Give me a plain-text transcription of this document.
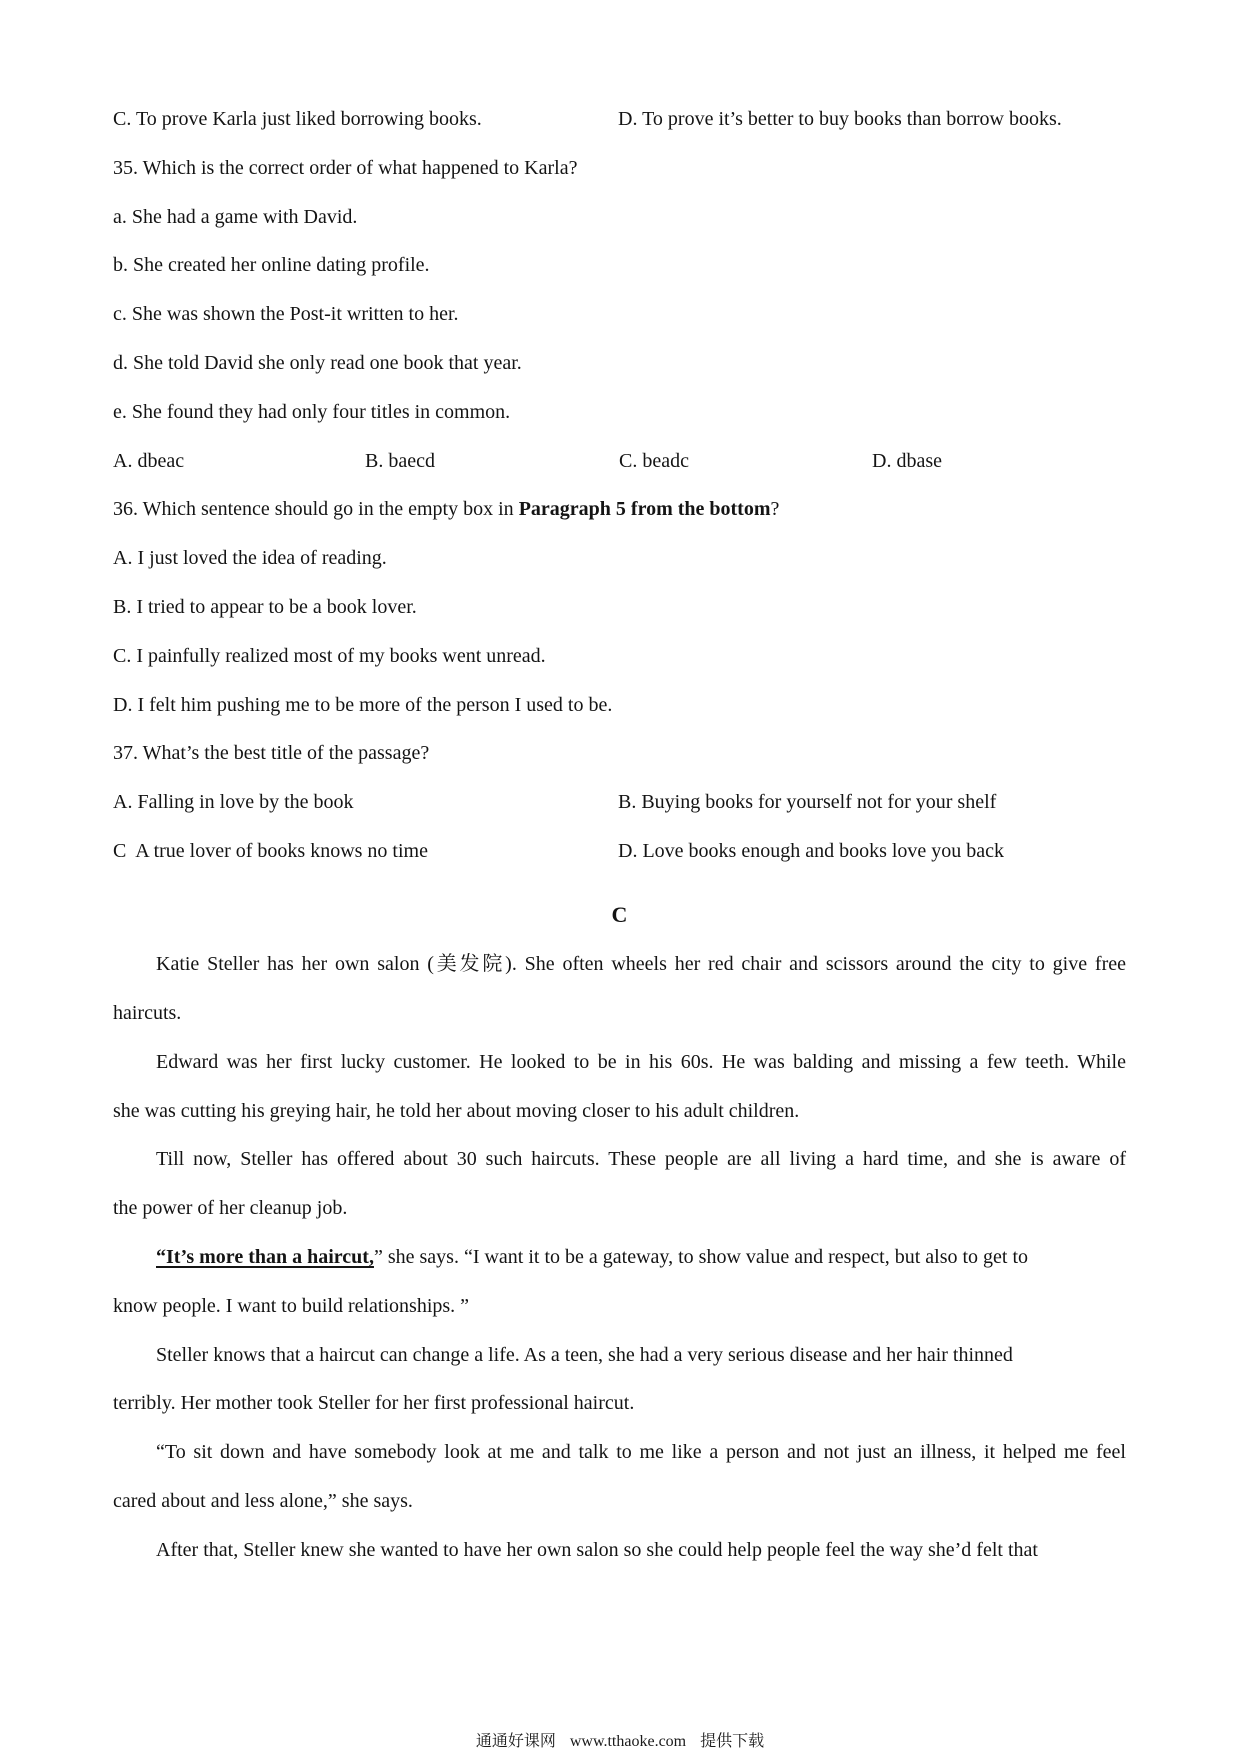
C. To prove Karla just liked borrowing books.	D. To prove it’s better to buy books than borrow books.
35. Which is the correct order of what happened to Karla?
a. She had a game with David.
b. She created her online dating profile.
c. She was shown the Post-it written to her.
d. She told David she only read one book that year.
e. She found they had only four titles in common.
A. dbeac	B. baecd	C. beadc	D. dbase
36. Which sentence should go in the empty box in Paragraph 5 from the bottom?
A. I just loved the idea of reading.
B. I tried to appear to be a book lover.
C. I painfully realized most of my books went unread.
D. I felt him pushing me to be more of the person I used to be.
37. What’s the best title of the passage?
A. Falling in love by the book	B. Buying books for yourself not for your shelf
C  A true lover of books knows no time	D. Love books enough and books love you back
C
Katie Steller has her own salon (美发院). She often wheels her red chair and scissors around the city to give free
haircuts.
Edward was her first lucky customer. He looked to be in his 60s. He was balding and missing a few teeth. While
she was cutting his greying hair, he told her about moving closer to his adult children.
Till now, Steller has offered about 30 such haircuts. These people are all living a hard time, and she is aware of
the power of her cleanup job.
“It’s more than a haircut,” she says. “I want it to be a gateway, to show value and respect, but also to get to
know people. I want to build relationships. ”
Steller knows that a haircut can change a life. As a teen, she had a very serious disease and her hair thinned
terribly. Her mother took Steller for her first professional haircut.
“To sit down and have somebody look at me and talk to me like a person and not just an illness, it helped me feel
cared about and less alone,” she says.
After that, Steller knew she wanted to have her own salon so she could help people feel the way she’d felt that
通通好课网 www.tthaoke.com 提供下载
